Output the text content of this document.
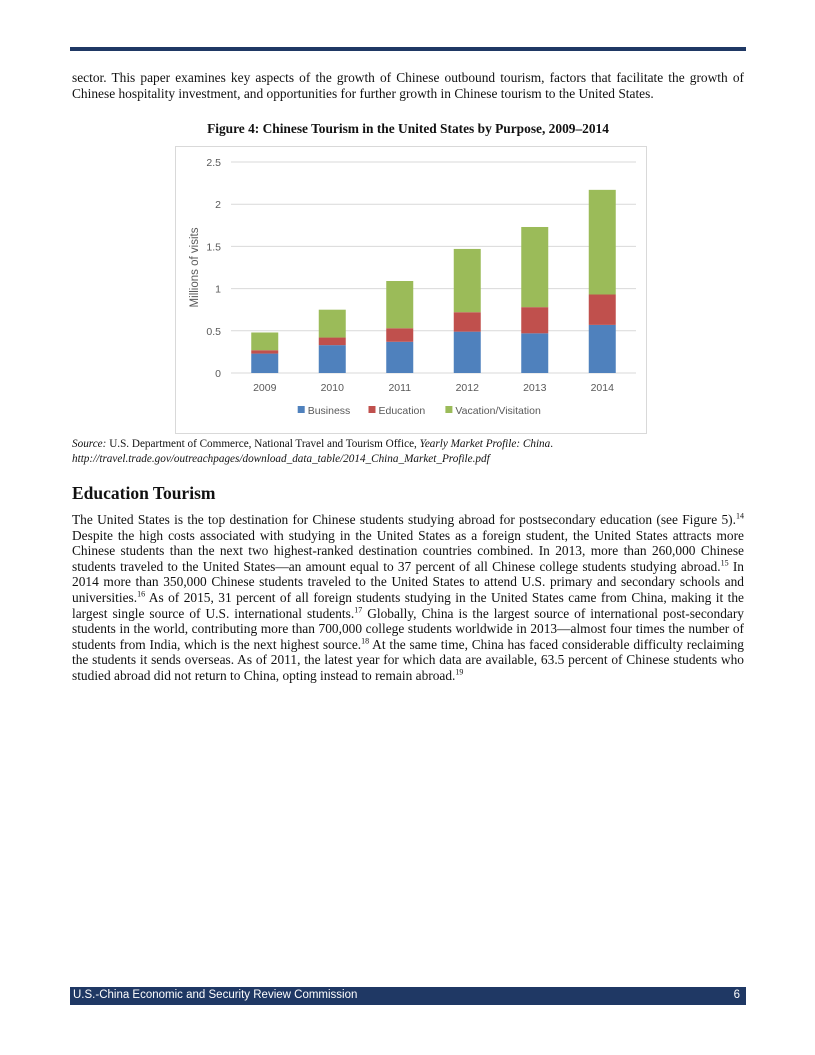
sector. This paper examines key aspects of the growth of Chinese outbound tourism, factors that facilitate the growth of Chinese hospitality investment, and opportunities for further growth in Chinese tourism to the United States.

Figure 4: Chinese Tourism in the United States by Purpose, 2009–2014

0
0.5
1
1.5
2
2.5
Millions of visits
2009	2010	2011	2012	2013	2014
Business	Education	Vacation/Visitation

Source: U.S. Department of Commerce, National Travel and Tourism Office, Yearly Market Profile: China.
http://travel.trade.gov/outreachpages/download_data_table/2014_China_Market_Profile.pdf

Education Tourism

The United States is the top destination for Chinese students studying abroad for postsecondary education (see Figure 5).$^{14}$ Despite the high costs associated with studying in the United States as a foreign student, the United States attracts more Chinese students than the next two highest-ranked destination countries combined. In 2013, more than 260,000 Chinese students traveled to the United States—an amount equal to 37 percent of all Chinese college students studying abroad.$^{15}$ In 2014 more than 350,000 Chinese students traveled to the United States to attend U.S. primary and secondary schools and universities.$^{16}$ As of 2015, 31 percent of all foreign students studying in the United States came from China, making it the largest single source of U.S. international students.$^{17}$ Globally, China is the largest source of international post-secondary students in the world, contributing more than 700,000 college students worldwide in 2013—almost four times the number of students from India, which is the next highest source.$^{18}$ At the same time, China has faced considerable difficulty reclaiming the students it sends overseas. As of 2011, the latest year for which data are available, 63.5 percent of Chinese students who studied abroad did not return to China, opting instead to remain abroad.$^{19}$

U.S.-China Economic and Security Review Commission	6
